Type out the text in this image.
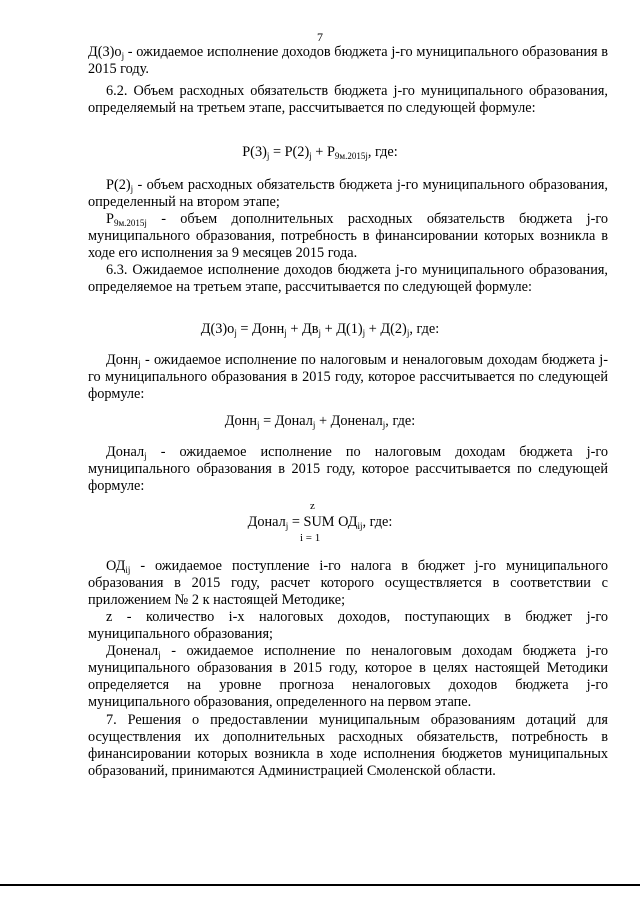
7

$Д(3)о_j$ - ожидаемое исполнение доходов бюджета j-го муниципального образования в 2015 году.

6.2. Объем расходных обязательств бюджета j-го муниципального образования, определяемый на третьем этапе, рассчитывается по следующей формуле:

$Р(3)_j = Р(2)_j + Р_{9м.2015j}$, где:

$Р(2)_j$ - объем расходных обязательств бюджета j-го муниципального образования, определенный на втором этапе;

$Р_{9м.2015j}$ - объем дополнительных расходных обязательств бюджета j-го муниципального образования, потребность в финансировании которых возникла в ходе его исполнения за 9 месяцев 2015 года.

6.3. Ожидаемое исполнение доходов бюджета j-го муниципального образования, определяемое на третьем этапе, рассчитывается по следующей формуле:

$Д(3)о_j$ = Донн$_j$ + $Дв_j + Д(1)_j + Д(2)_j$, где:

Донн$_j$ - ожидаемое исполнение по налоговым и неналоговым доходам бюджета j-го муниципального образования в 2015 году, которое рассчитывается по следующей формуле:

Донн$_j$ = Донал$_j$ + Доненал$_j$, где:

Донал$_j$ - ожидаемое исполнение по налоговым доходам бюджета j-го муниципального образования в 2015 году, которое рассчитывается по следующей формуле:

z
Донал$_j$ = SUM $ОД_{ij}$, где:
i = 1

$ОД_{ij}$ - ожидаемое поступление i-го налога в бюджет j-го муниципального образования в 2015 году, расчет которого осуществляется в соответствии с приложением № 2 к настоящей Методике;

z - количество i-х налоговых доходов, поступающих в бюджет j-го муниципального образования;

Доненал$_j$ - ожидаемое исполнение по неналоговым доходам бюджета j-го муниципального образования в 2015 году, которое в целях настоящей Методики определяется на уровне прогноза неналоговых доходов бюджета j-го муниципального образования, определенного на первом этапе.

7. Решения о предоставлении муниципальным образованиям дотаций для осуществления их дополнительных расходных обязательств, потребность в финансировании которых возникла в ходе исполнения бюджетов муниципальных образований, принимаются Администрацией Смоленской области.
